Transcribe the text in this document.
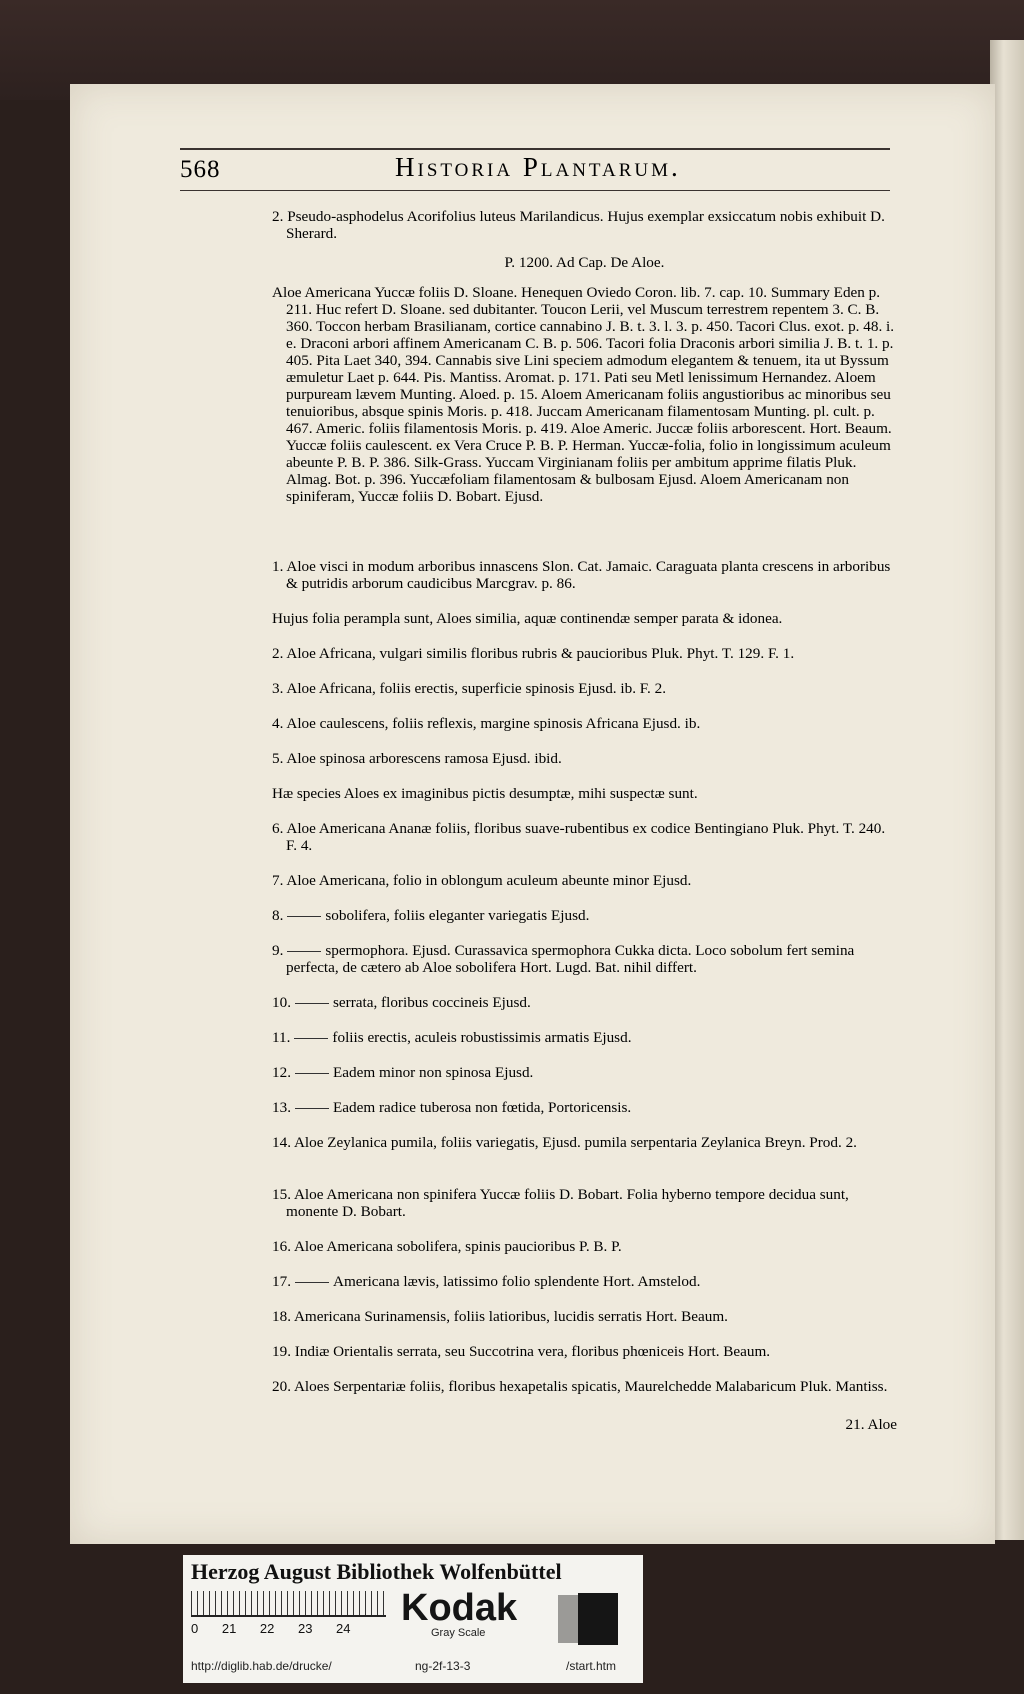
568	Historia Plantarum.

2. Pseudo-asphodelus Acorifolius luteus Marilandicus. Hujus exemplar exsiccatum nobis exhibuit D. Sherard.

P. 1200. Ad Cap. De Aloe.

Aloe Americana Yuccæ foliis D. Sloane. Henequen Oviedo Coron. lib. 7. cap. 10. Summary Eden p. 211. Huc refert D. Sloane. sed dubitanter. Toucon Lerii, vel Muscum terrestrem repentem 3. C. B. 360. Toccon herbam Brasilianam, cortice cannabino J. B. t. 3. l. 3. p. 450. Tacori Clus. exot. p. 48. i. e. Draconi arbori affinem Americanam C. B. p. 506. Tacori folia Draconis arbori similia J. B. t. 1. p. 405. Pita Laet 340, 394. Cannabis sive Lini speciem admodum elegantem & tenuem, ita ut Byssum æmuletur Laet p. 644. Pis. Mantiss. Aromat. p. 171. Pati seu Metl lenissimum Hernandez. Aloem purpuream lævem Munting. Aloed. p. 15. Aloem Americanam foliis angustioribus ac minoribus seu tenuioribus, absque spinis Moris. p. 418. Juccam Americanam filamentosam Munting. pl. cult. p. 467. Americ. foliis filamentosis Moris. p. 419. Aloe Americ. Juccæ foliis arborescent. Hort. Beaum. Yuccæ foliis caulescent. ex Vera Cruce P. B. P. Herman. Yuccæ-folia, folio in longissimum aculeum abeunte P. B. P. 386. Silk-Grass. Yuccam Virginianam foliis per ambitum apprime filatis Pluk. Almag. Bot. p. 396. Yuccæfoliam filamentosam & bulbosam Ejusd. Aloem Americanam non spiniferam, Yuccæ foliis D. Bobart. Ejusd.

1. Aloe visci in modum arboribus innascens Slon. Cat. Jamaic. Caraguata planta crescens in arboribus & putridis arborum caudicibus Marcgrav. p. 86.

Hujus folia perampla sunt, Aloes similia, aquæ continendæ semper parata & idonea.

2. Aloe Africana, vulgari similis floribus rubris & paucioribus Pluk. Phyt. T. 129. F. 1.

3. Aloe Africana, foliis erectis, superficie spinosis Ejusd. ib. F. 2.

4. Aloe caulescens, foliis reflexis, margine spinosis Africana Ejusd. ib.

5. Aloe spinosa arborescens ramosa Ejusd. ibid.

Hæ species Aloes ex imaginibus pictis desumptæ, mihi suspectæ sunt.

6. Aloe Americana Ananæ foliis, floribus suave-rubentibus ex codice Bentingiano Pluk. Phyt. T. 240. F. 4.

7. Aloe Americana, folio in oblongum aculeum abeunte minor Ejusd.

8.	sobolifera, foliis eleganter variegatis Ejusd.

9.	spermophora. Ejusd. Curassavica spermophora Cukka dicta. Loco sobolum fert semina perfecta, de cætero ab Aloe sobolifera Hort. Lugd. Bat. nihil differt.

10.	serrata, floribus coccineis Ejusd.

11.	foliis erectis, aculeis robustissimis armatis Ejusd.

12.	Eadem minor non spinosa Ejusd.

13.	Eadem radice tuberosa non fœtida, Portoricensis.

14. Aloe Zeylanica pumila, foliis variegatis, Ejusd. pumila serpentaria Zeylanica Breyn. Prod. 2.

15. Aloe Americana non spinifera Yuccæ foliis D. Bobart. Folia hyberno tempore decidua sunt, monente D. Bobart.

16. Aloe Americana sobolifera, spinis paucioribus P. B. P.

17.	Americana lævis, latissimo folio splendente Hort. Amstelod.

18. Americana Surinamensis, foliis latioribus, lucidis serratis Hort. Beaum.

19. Indiæ Orientalis serrata, seu Succotrina vera, floribus phœniceis Hort. Beaum.

20. Aloes Serpentariæ foliis, floribus hexapetalis spicatis, Maurelchedde Malabaricum Pluk. Mantiss.

21. Aloe

Herzog August Bibliothek Wolfenbüttel
0 21 22 23 24	Kodak
Gray Scale
http://diglib.hab.de/drucke/	ng-2f-13-3	/start.htm
